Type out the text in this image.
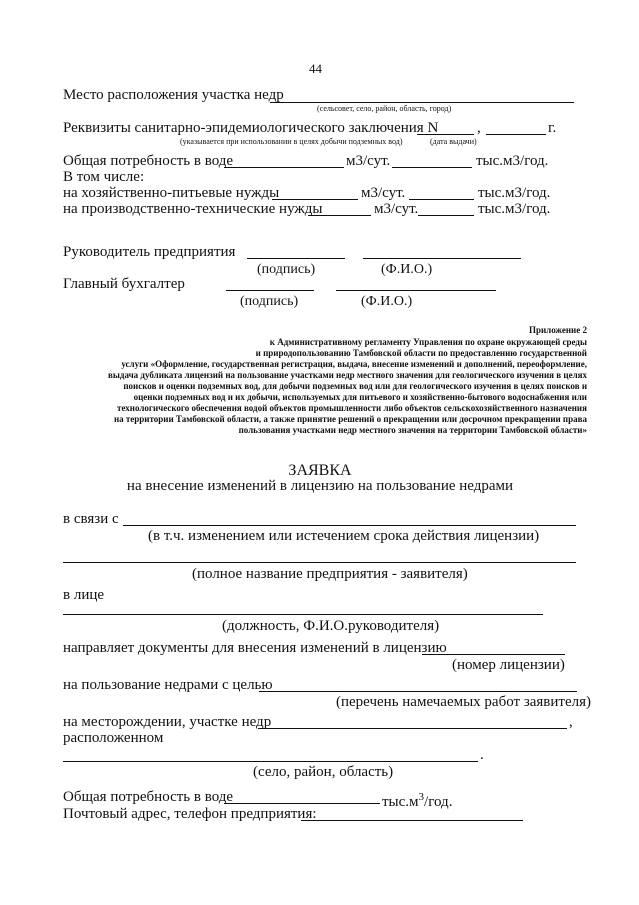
44
Место расположения участка недр
(сельсовет, село, район, область, город)
Реквизиты санитарно-эпидемиологического заключения N	,	г.
(указывается при использовании в целях добычи подземных вод)	(дата выдачи)
Общая потребность в воде	м3/сут.	тыс.м3/год.
В том числе:
на хозяйственно-питьевые нужды	м3/сут.	тыс.м3/год.
на производственно-технические нужды	м3/сут.	тыс.м3/год.
Руководитель предприятия
(подпись)	(Ф.И.О.)
Главный бухгалтер
(подпись)	(Ф.И.О.)
Приложение 2
к Административному регламенту Управления по охране окружающей среды
и природопользованию Тамбовской области по предоставлению государственной
услуги «Оформление, государственная регистрация, выдача, внесение изменений и дополнений, переоформление,
выдача дубликата лицензий на пользование участками недр местного значения для геологического изучения в целях
поисков и оценки подземных вод, для добычи подземных вод или для геологического изучения в целях поисков и
оценки подземных вод и их добычи, используемых для питьевого и хозяйственно-бытового водоснабжения или
технологического обеспечения водой объектов промышленности либо объектов сельскохозяйственного назначения
на территории Тамбовской области, а также принятие решений о прекращении или досрочном прекращении права
пользования участками недр местного значения на территории Тамбовской области»
ЗАЯВКА
на внесение изменений в лицензию на пользование недрами
в связи с
(в т.ч. изменением или истечением срока действия лицензии)
(полное название предприятия - заявителя)
в лице
(должность, Ф.И.О.руководителя)
направляет документы для внесения изменений в лицензию
(номер лицензии)
на пользование недрами с целью
(перечень намечаемых работ заявителя)
на месторождении, участке недр	,
расположенном
.
(село, район, область)
Общая потребность в воде	$тыс.м^3$/год.
Почтовый адрес, телефон предприятия:
